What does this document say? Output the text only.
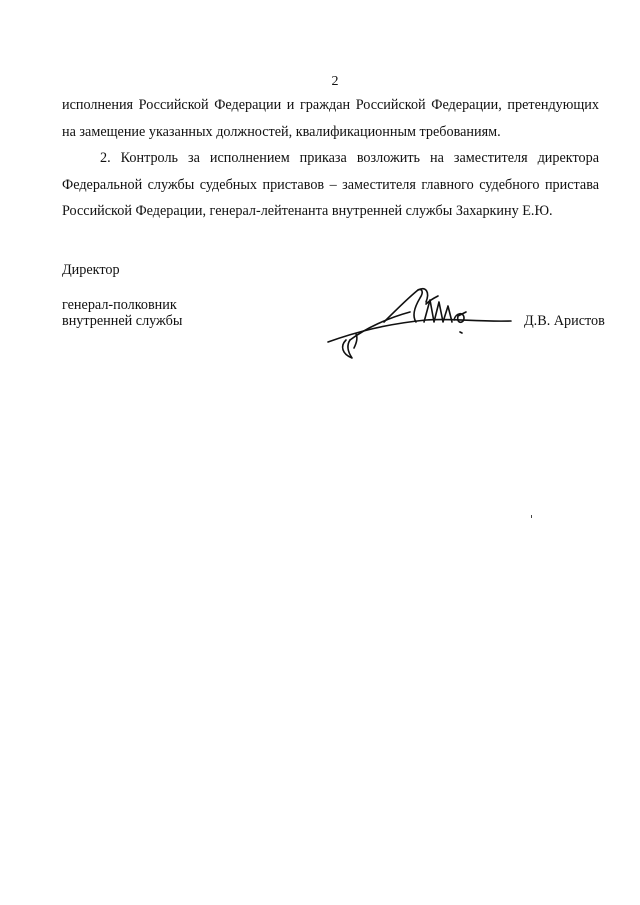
2
исполнения Российской Федерации и граждан Российской Федерации, претендующих
на замещение указанных должностей, квалификационным требованиям.
2. Контроль за исполнением приказа возложить на заместителя директора
Федеральной службы судебных приставов – заместителя главного судебного пристава
Российской Федерации, генерал-лейтенанта внутренней службы Захаркину Е.Ю.
Директор
генерал-полковник
внутренней службы	Д.В. Аристов
